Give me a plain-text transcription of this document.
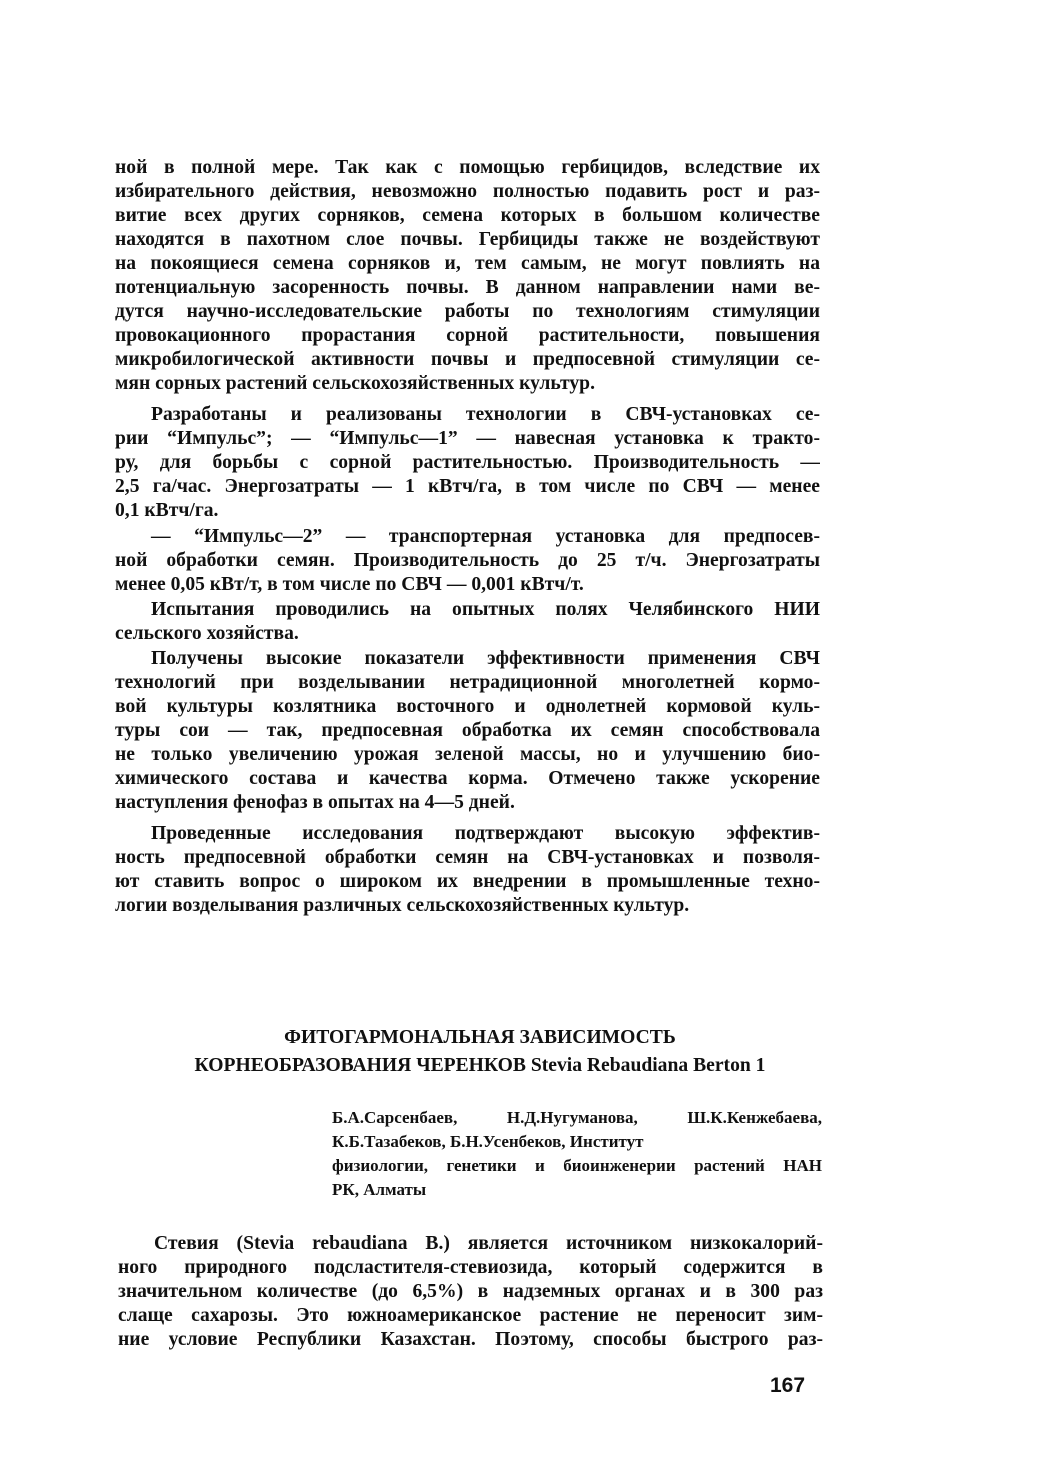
ной в полной мере. Так как с помощью гербицидов, вследствие их
избирательного действия, невозможно полностью подавить рост и раз-
витие всех других сорняков, семена которых в большом количестве
находятся в пахотном слое почвы. Гербициды также не воздействуют
на покоящиеся семена сорняков и, тем самым, не могут повлиять на
потенциальную засоренность почвы. В данном направлении нами ве-
дутся научно-исследовательские работы по технологиям стимуляции
провокационного прорастания сорной растительности, повышения
микробилогической активности почвы и предпосевной стимуляции се-
мян сорных растений сельскохозяйственных культур.
Разработаны и реализованы технологии в СВЧ-установках се-
рии “Импульс”; — “Импульс—1” — навесная установка к тракто-
ру, для борьбы с сорной растительностью. Производительность —
2,5 га/час. Энергозатраты — 1 кВтч/га, в том числе по СВЧ — менее
0,1 кВтч/га.
— “Импульс—2” — транспортерная установка для предпосев-
ной обработки семян. Производительность до 25 т/ч. Энергозатраты
менее 0,05 кВт/т, в том числе по СВЧ — 0,001 кВтч/т.
Испытания проводились на опытных полях Челябинского НИИ
сельского хозяйства.
Получены высокие показатели эффективности применения СВЧ
технологий при возделывании нетрадиционной многолетней кормо-
вой культуры козлятника восточного и однолетней кормовой куль-
туры сои — так, предпосевная обработка их семян способствовала
не только увеличению урожая зеленой массы, но и улучшению био-
химического состава и качества корма. Отмечено также ускорение
наступления фенофаз в опытах на 4—5 дней.
Проведенные исследования подтверждают высокую эффектив-
ность предпосевной обработки семян на СВЧ-установках и позволя-
ют ставить вопрос о широком их внедрении в промышленные техно-
логии возделывания различных сельскохозяйственных культур.
ФИТОГАРМОНАЛЬНАЯ ЗАВИСИМОСТЬ
КОРНЕОБРАЗОВАНИЯ ЧЕРЕНКОВ Stevia Rebaudiana Berton 1
Б.А.Сарсенбаев, Н.Д.Нугуманова, Ш.К.Кенжебаева,
К.Б.Тазабеков, Б.Н.Усенбеков, Институт
физиологии, генетики и биоинженерии растений НАН
РК, Алматы
Стевия (Stevia rebaudiana B.) является источником низкокалорий-
ного природного подсластителя-стевиозида, который содержится в
значительном количестве (до 6,5%) в надземных органах и в 300 раз
слаще сахарозы. Это южноамериканское растение не переносит зим-
ние условие Республики Казахстан. Поэтому, способы быстрого раз-
167
